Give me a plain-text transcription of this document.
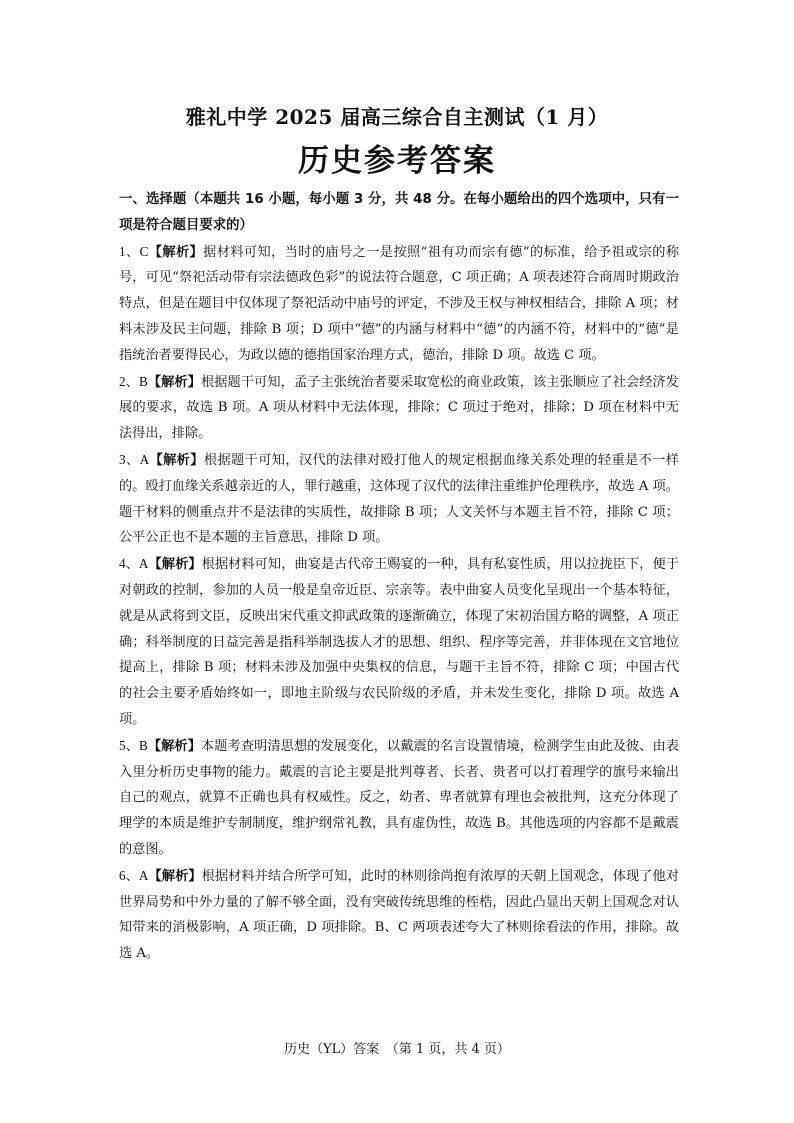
雅礼中学 2025 届高三综合自主测试（1 月）
历史参考答案

一、选择题（本题共 16 小题，每小题 3 分，共 48 分。在每小题给出的四个选项中，只有一项是符合题目要求的）

1、C【解析】据材料可知，当时的庙号之一是按照“祖有功而宗有德”的标准，给予祖或宗的称号，可见“祭祀活动带有宗法德政色彩”的说法符合题意，C 项正确；A 项表述符合商周时期政治特点，但是在题目中仅体现了祭祀活动中庙号的评定，不涉及王权与神权相结合，排除 A 项；材料未涉及民主问题，排除 B 项；D 项中“德”的内涵与材料中“德”的内涵不符，材料中的“德”是指统治者要得民心，为政以德的德指国家治理方式，德治，排除 D 项。故选 C 项。

2、B【解析】根据题干可知，孟子主张统治者要采取宽松的商业政策，该主张顺应了社会经济发展的要求，故选 B 项。A 项从材料中无法体现，排除；C 项过于绝对，排除；D 项在材料中无法得出，排除。

3、A【解析】根据题干可知，汉代的法律对殴打他人的规定根据血缘关系处理的轻重是不一样的。殴打血缘关系越亲近的人，罪行越重，这体现了汉代的法律注重维护伦理秩序，故选 A 项。题干材料的侧重点并不是法律的实质性，故排除 B 项；人文关怀与本题主旨不符，排除 C 项；公平公正也不是本题的主旨意思，排除 D 项。

4、A【解析】根据材料可知，曲宴是古代帝王赐宴的一种，具有私宴性质，用以拉拢臣下，便于对朝政的控制，参加的人员一般是皇帝近臣、宗亲等。表中曲宴人员变化呈现出一个基本特征，就是从武将到文臣，反映出宋代重文抑武政策的逐渐确立，体现了宋初治国方略的调整，A 项正确；科举制度的日益完善是指科举制选拔人才的思想、组织、程序等完善，并非体现在文官地位提高上，排除 B 项；材料未涉及加强中央集权的信息，与题干主旨不符，排除 C 项；中国古代的社会主要矛盾始终如一，即地主阶级与农民阶级的矛盾，并未发生变化，排除 D 项。故选 A 项。

5、B【解析】本题考查明清思想的发展变化，以戴震的名言设置情境，检测学生由此及彼、由表入里分析历史事物的能力。戴震的言论主要是批判尊者、长者、贵者可以打着理学的旗号来输出自己的观点，就算不正确也具有权威性。反之，幼者、卑者就算有理也会被批判，这充分体现了理学的本质是维护专制制度，维护纲常礼教，具有虚伪性，故选 B。其他选项的内容都不是戴震的意图。

6、A【解析】根据材料并结合所学可知，此时的林则徐尚抱有浓厚的天朝上国观念，体现了他对世界局势和中外力量的了解不够全面，没有突破传统思维的桎梏，因此凸显出天朝上国观念对认知带来的消极影响，A 项正确，D 项排除。B、C 两项表述夸大了林则徐看法的作用，排除。故选 A。

历史（YL）答案　（第 1 页，共 4 页）
